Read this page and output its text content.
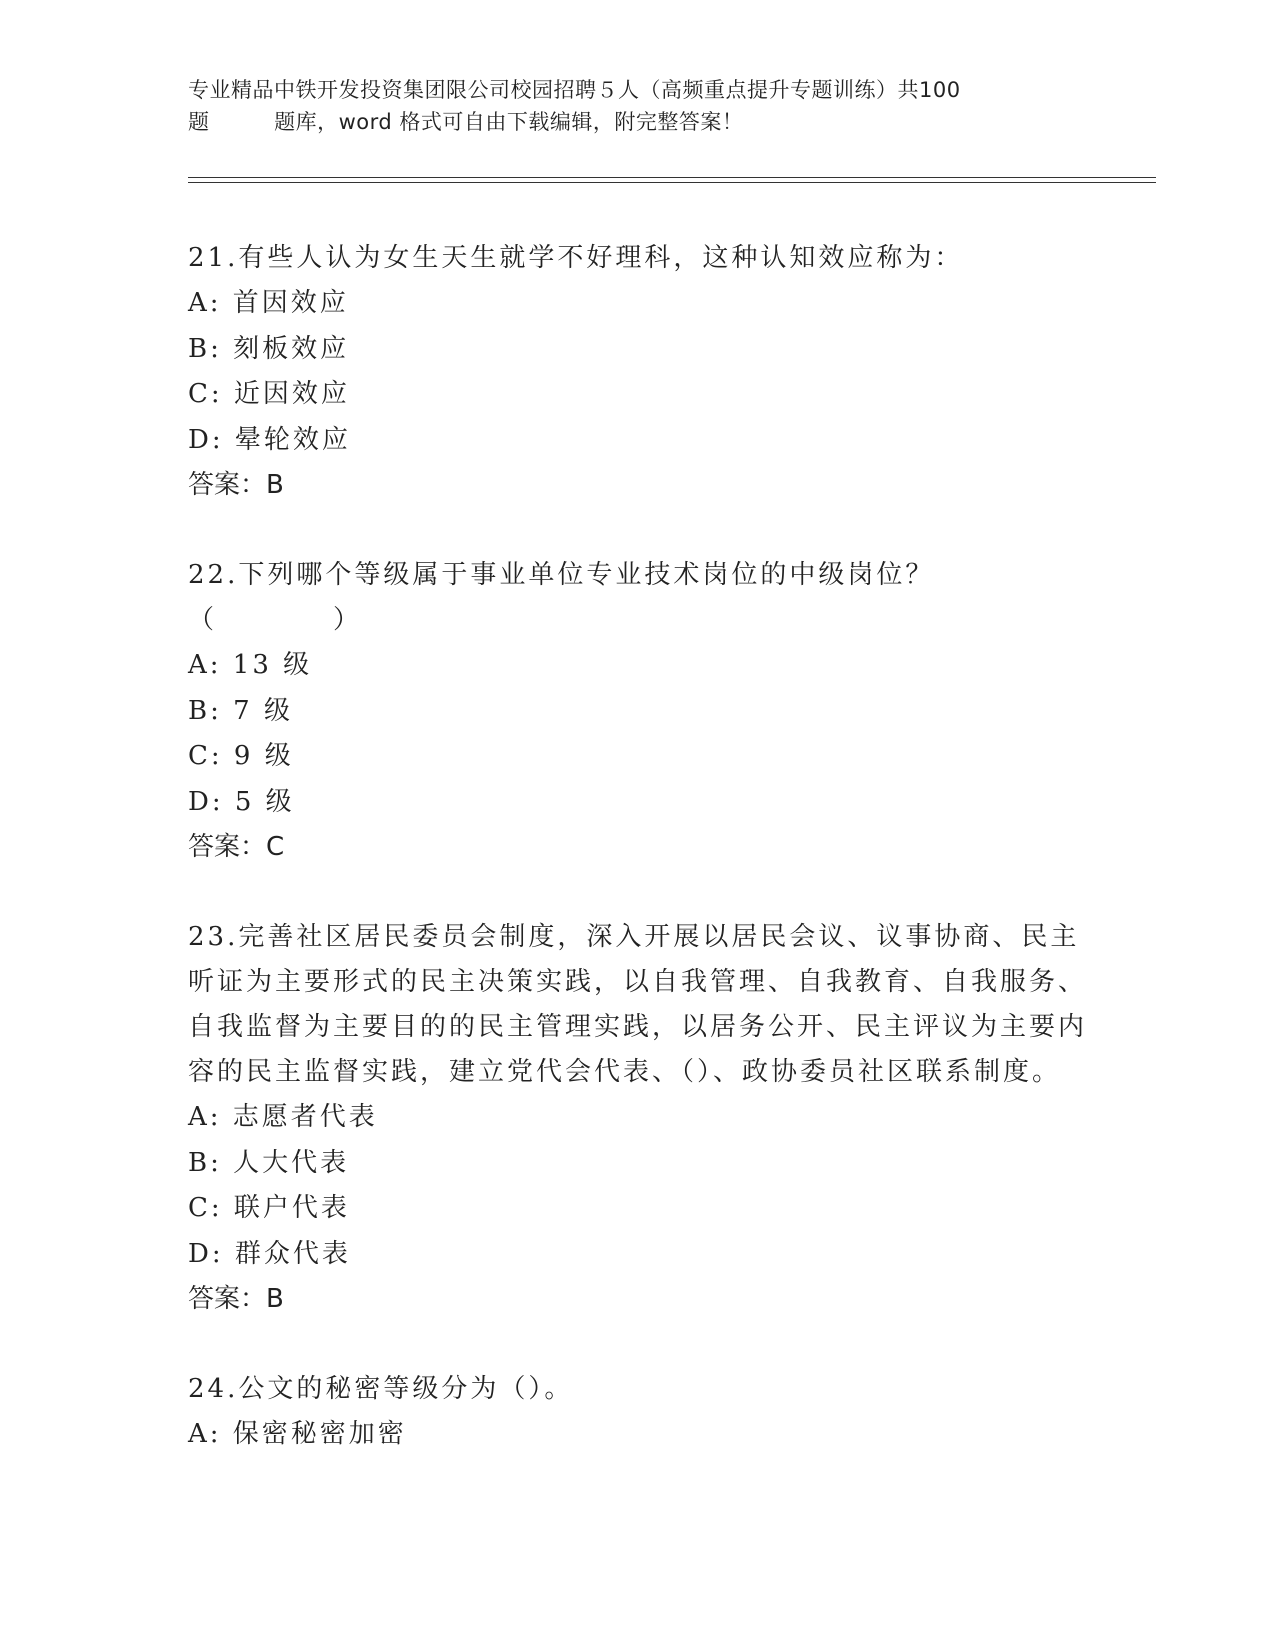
专业精品中铁开发投资集团限公司校园招聘５人（高频重点提升专题训练）共100

题         题库，word 格式可自由下载编辑，附完整答案！

21.有些人认为女生天生就学不好理科，这种认知效应称为：

A: 首因效应

B: 刻板效应

C: 近因效应

D: 晕轮效应

答案：B

22.下列哪个等级属于事业单位专业技术岗位的中级岗位？（　　　　）

A: 13 级

B: 7 级

C: 9 级

D: 5 级

答案：C

23.完善社区居民委员会制度，深入开展以居民会议、议事协商、民主听证为主要形式的民主决策实践，以自我管理、自我教育、自我服务、自我监督为主要目的的民主管理实践，以居务公开、民主评议为主要内容的民主监督实践，建立党代会代表、（）、政协委员社区联系制度。

A: 志愿者代表

B: 人大代表

C: 联户代表

D: 群众代表

答案：B

24.公文的秘密等级分为（）。

A: 保密秘密加密
